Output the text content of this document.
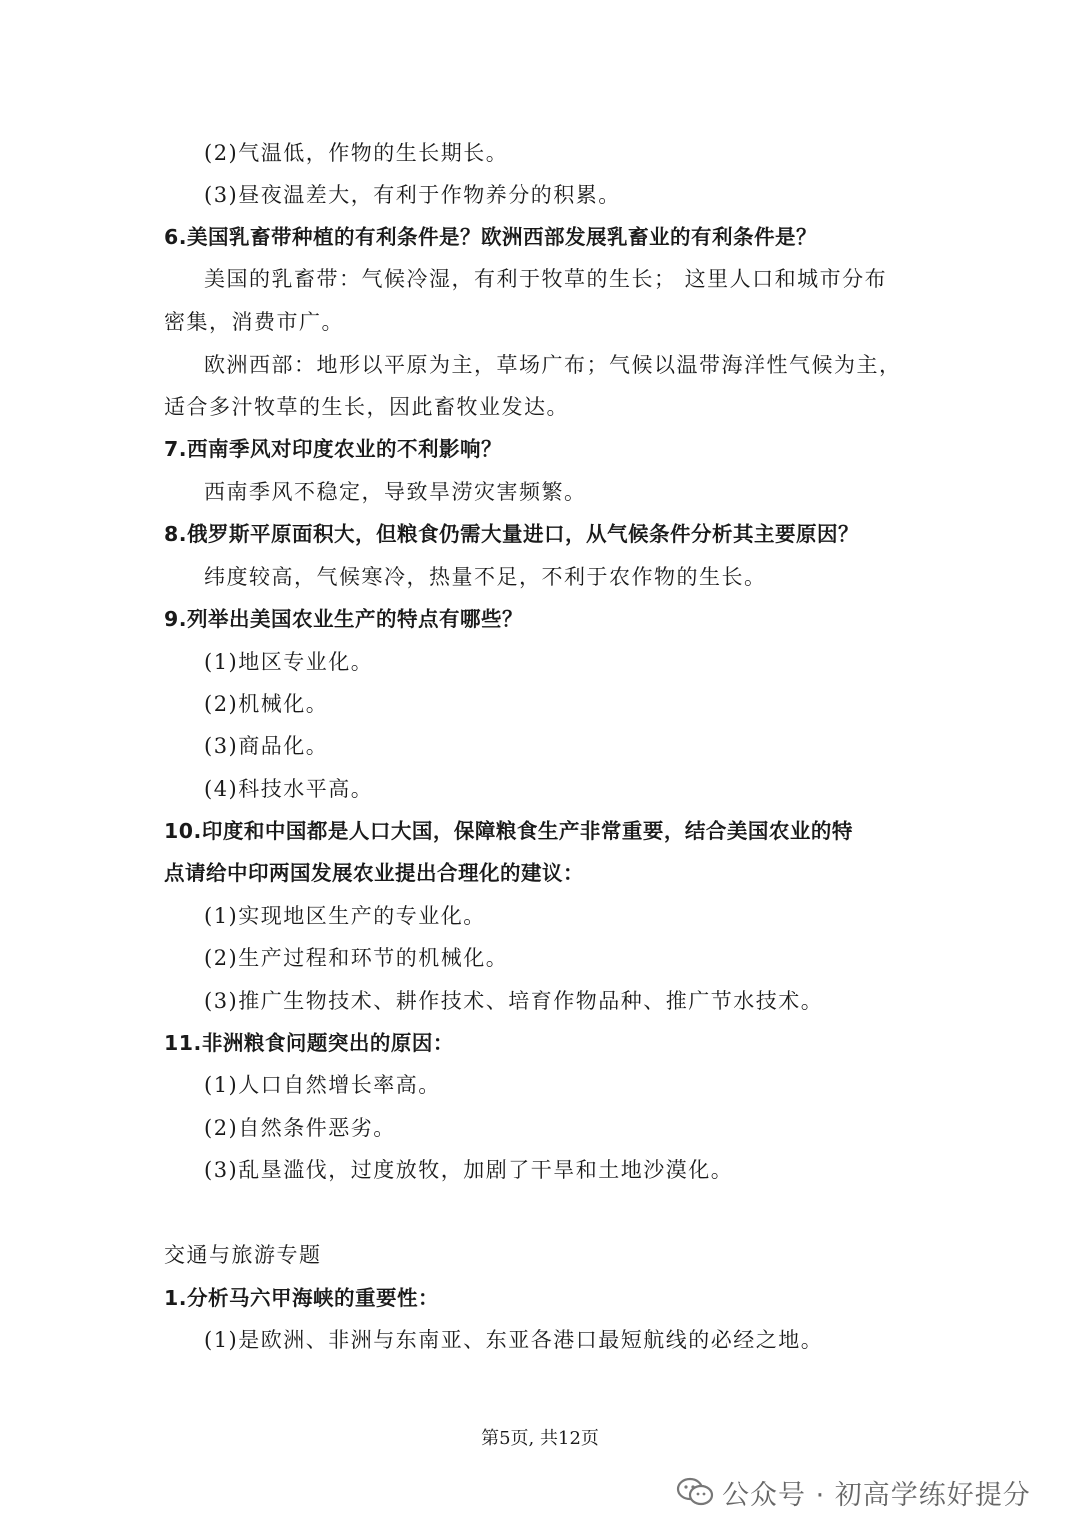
(2)气温低，作物的生长期长。
(3)昼夜温差大，有利于作物养分的积累。
6.美国乳畜带种植的有利条件是？欧洲西部发展乳畜业的有利条件是？
美国的乳畜带：气候冷湿，有利于牧草的生长； 这里人口和城市分布
密集，消费市广。
欧洲西部：地形以平原为主，草场广布；气候以温带海洋性气候为主，
适合多汁牧草的生长，因此畜牧业发达。
7.西南季风对印度农业的不利影响？
西南季风不稳定，导致旱涝灾害频繁。
8.俄罗斯平原面积大，但粮食仍需大量进口，从气候条件分析其主要原因？
纬度较高，气候寒冷，热量不足，不利于农作物的生长。
9.列举出美国农业生产的特点有哪些？
(1)地区专业化。
(2)机械化。
(3)商品化。
(4)科技水平高。
10.印度和中国都是人口大国，保障粮食生产非常重要，结合美国农业的特
点请给中印两国发展农业提出合理化的建议：
(1)实现地区生产的专业化。
(2)生产过程和环节的机械化。
(3)推广生物技术、耕作技术、培育作物品种、推广节水技术。
11.非洲粮食问题突出的原因：
(1)人口自然增长率高。
(2)自然条件恶劣。
(3)乱垦滥伐，过度放牧，加剧了干旱和土地沙漠化。
交通与旅游专题
1.分析马六甲海峡的重要性：
(1)是欧洲、非洲与东南亚、东亚各港口最短航线的必经之地。
第5页, 共12页
公众号 · 初高学练好提分
